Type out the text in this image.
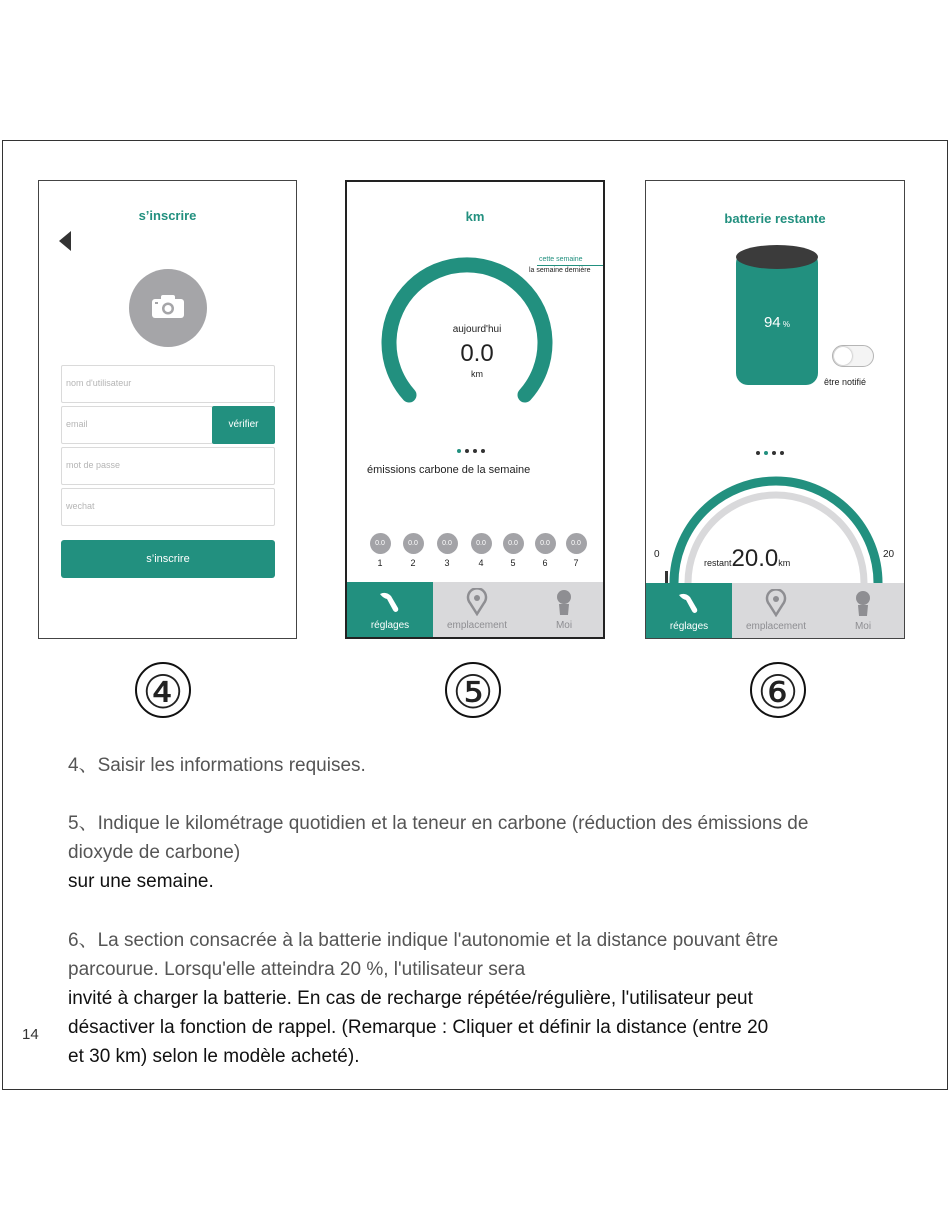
s’inscrire
nom d'utilisateur
email	vérifier
mot de passe
wechat
s’inscrire
km
cette semaine
la semaine dernière
aujourd'hui
0.0
km
émissions carbone de la semaine
0.0
1
0.0
2
0.0
3
0.0
4
0.0
5
0.0
6
0.0
7
réglages	emplacement	Moi
batterie restante
94 %
être notifié
0	20
restant20.0km
réglages	emplacement	Moi
④	⑤	⑥
4、Saisir les informations requises.
5、Indique le kilométrage quotidien et la teneur en carbone (réduction des émissions de
dioxyde de carbone)
sur une semaine.
6、La section consacrée à la batterie indique l'autonomie et la distance pouvant être
parcourue. Lorsqu'elle atteindra 20 %, l'utilisateur sera
invité à charger la batterie. En cas de recharge répétée/régulière, l'utilisateur peut
désactiver la fonction de rappel. (Remarque : Cliquer et définir la distance (entre 20
et 30 km) selon le modèle acheté).
14
